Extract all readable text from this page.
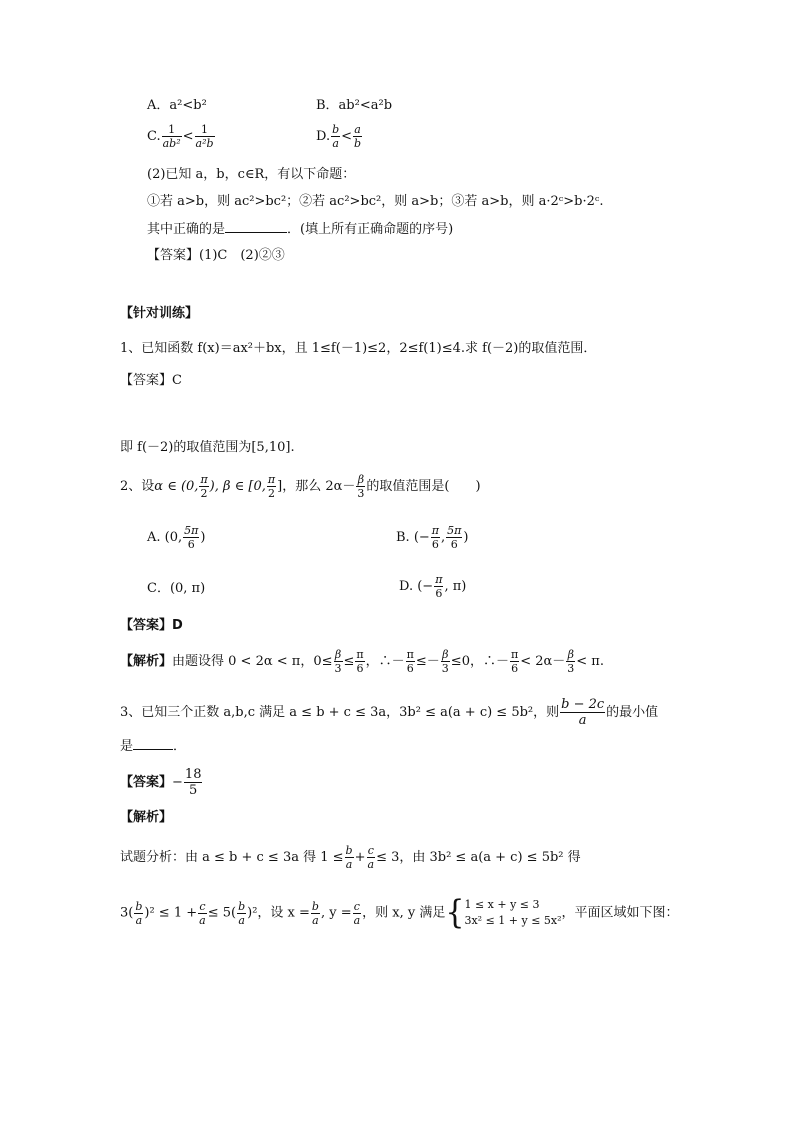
A．a²<b²	B．ab²<a²b
C. $\frac{1}{\text{ab²}} < \frac{1}{\text{a²b}}$	D. $\frac{b}{a} < \frac{a}{b}$
(2)已知 a，b，c∈R，有以下命题：
①若 a>b，则 ac²>bc²；②若 ac²>bc²，则 a>b；③若 a>b，则 a·2ᶜ>b·2ᶜ.
其中正确的是	．(填上所有正确命题的序号)
【答案】(1)C　(2)②③
【针对训练】
1、已知函数 f(x)＝ax²＋bx，且 1≤f(－1)≤2，2≤f(1)≤4.求 f(－2)的取值范围．
【答案】C
即 f(－2)的取值范围为[5,10].
2、设α ∈ (0, $\frac{\pi}{2}$ ), β ∈ [0, $\frac{\pi}{2}$ ]，那么 $2\alpha- \frac{\beta}{3}$ 的取值范围是(　　)
A. (0, $\frac{5\pi}{6}$ )	B. (− $\frac{\pi}{6}$ , $\frac{5\pi}{6}$ )
C．(0, π)	D. (− $\frac{\pi}{6}$ , π)
【答案】D
【解析】由题设得 0 < 2α < π，$0\le \frac{\beta}{3} \le \frac{\pi}{6}$ ，∴－ $\frac{\pi}{6} \le- \frac{\beta}{3} \le 0$，∴－ $\frac{\pi}{6} < 2\alpha- \frac{\beta}{3} < \pi$.
3、已知三个正数 a,b,c 满足 a ≤ b + c ≤ 3a，3b² ≤ a(a + c) ≤ 5b²，则 $\frac{b - 2c}{a}$ 的最小值
是	．
【答案】− $\frac{18}{5}$
【解析】
试题分析：由 a ≤ b + c ≤ 3a 得 $1 \le \frac{b}{a} + \frac{c}{a} \le 3$，由 3b² ≤ a(a + c) ≤ 5b² 得
$3( \frac{b}{a} )^2 \le 1 + \frac{c}{a} \le 5( \frac{b}{a} )^2$，设 $x = \frac{b}{a}$ , $y = \frac{c}{a}$ ，则 x, y 满足{ 1 ≤ x + y ≤ 3
3x² ≤ 1 + y ≤ 5x² ，平面区域如下图：
